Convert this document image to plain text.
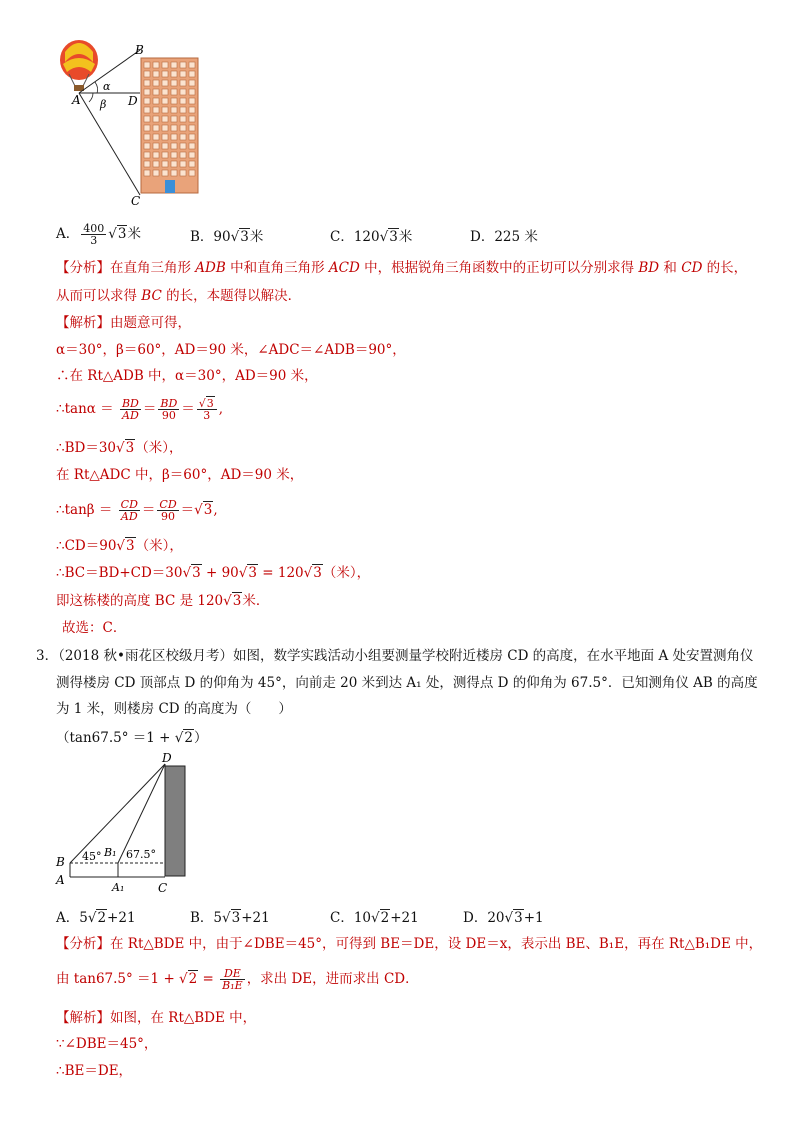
B
A	D
C
α
β
A． $\frac{400}{3} √3$米	B．90√3米	C．120√3米	D．225 米
【分析】在直角三角形 ADB 中和直角三角形 ACD 中，根据锐角三角函数中的正切可以分别求得 BD 和 CD 的长，
从而可以求得 BC 的长，本题得以解决．
【解析】由题意可得，
α＝30°，β＝60°，AD＝90 米，∠ADC＝∠ADB＝90°，
∴在 Rt△ADB 中，α＝30°，AD＝90 米，
∴tanα ＝ $\frac{BD}{AD} = \frac{BD}{90} = \frac{√3}{3}$ ,
∴BD＝30√3（米），
在 Rt△ADC 中，β＝60°，AD＝90 米，
∴tanβ ＝ $\frac{CD}{AD} = \frac{CD}{90} =√3$,
∴CD＝90√3（米），
∴BC＝BD+CD＝30√3 + 90√3 = 120√3（米），
即这栋楼的高度 BC 是 120√3米．
故选：C．
3．（2018 秋•雨花区校级月考）如图，数学实践活动小组要测量学校附近楼房 CD 的高度，在水平地面 A 处安置测角仪
测得楼房 CD 顶部点 D 的仰角为 45°，向前走 20 米到达 A₁ 处，测得点 D 的仰角为 67.5°．已知测角仪 AB 的高度
为 1 米，则楼房 CD 的高度为（　　）
（tan67.5° ＝1 + √2）
D
B
B₁
A
A₁	C
45° 67.5°
A．5√2+21	B．5√3+21	C．10√2+21	D．20√3+1
【分析】在 Rt△BDE 中，由于∠DBE＝45°，可得到 BE＝DE，设 DE＝x，表示出 BE、B₁E，再在 Rt△B₁DE 中，
由 $\tan 67.5^\circ =1 + √2 = \frac{DE}{\text{B₁E}}$ ，求出 DE，进而求出 CD．
【解析】如图，在 Rt△BDE 中，
∵∠DBE＝45°，
∴BE＝DE，
